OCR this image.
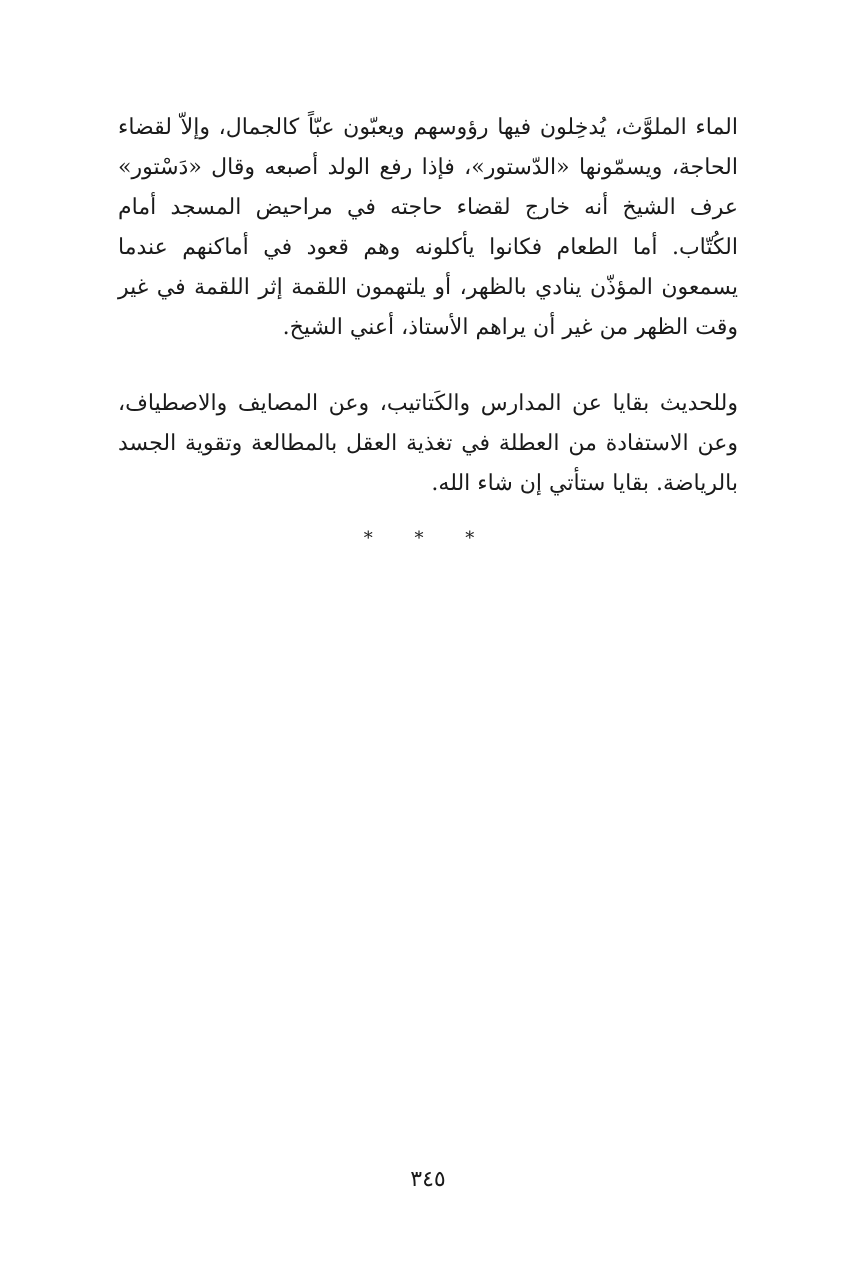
الماء الملوَّث، يُدخِلون فيها رؤوسهم ويعبّون عبّاً كالجمال، وإلاّ لقضاء الحاجة، ويسمّونها «الدّستور»، فإذا رفع الولد أصبعه وقال «دَسْتور» عرف الشيخ أنه خارج لقضاء حاجته في مراحيض المسجد أمام الكُتّاب. أما الطعام فكانوا يأكلونه وهم قعود في أماكنهم عندما يسمعون المؤذّن ينادي بالظهر، أو يلتهمون اللقمة إثر اللقمة في غير وقت الظهر من غير أن يراهم الأستاذ، أعني الشيخ.

وللحديث بقايا عن المدارس والكَتاتيب، وعن المصايف والاصطياف، وعن الاستفادة من العطلة في تغذية العقل بالمطالعة وتقوية الجسد بالرياضة. بقايا ستأتي إن شاء الله.

* * *
٣٤٥
